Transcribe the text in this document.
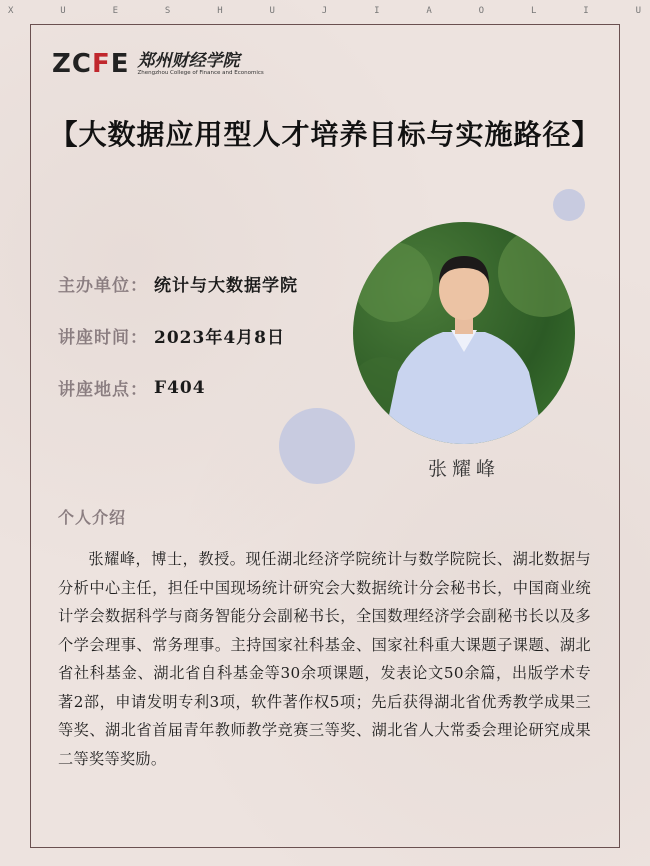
X	U	E	S	H	U	J	I	A	O	L	I	U
ZCFE 郑州财经学院
Zhengzhou College of Finance and Economics
【大数据应用型人才培养目标与实施路径】
主办单位： 统计与大数据学院
讲座时间： 2023年4月8日
讲座地点： F404
张耀峰
个人介绍
张耀峰，博士，教授。现任湖北经济学院统计与数学院院长、湖北数据与分析中心主任，担任中国现场统计研究会大数据统计分会秘书长，中国商业统计学会数据科学与商务智能分会副秘书长，全国数理经济学会副秘书长以及多个学会理事、常务理事。主持国家社科基金、国家社科重大课题子课题、湖北省社科基金、湖北省自科基金等30余项课题，发表论文50余篇，出版学术专著2部，申请发明专利3项，软件著作权5项；先后获得湖北省优秀教学成果三等奖、湖北省首届青年教师教学竞赛三等奖、湖北省人大常委会理论研究成果二等奖等奖励。
